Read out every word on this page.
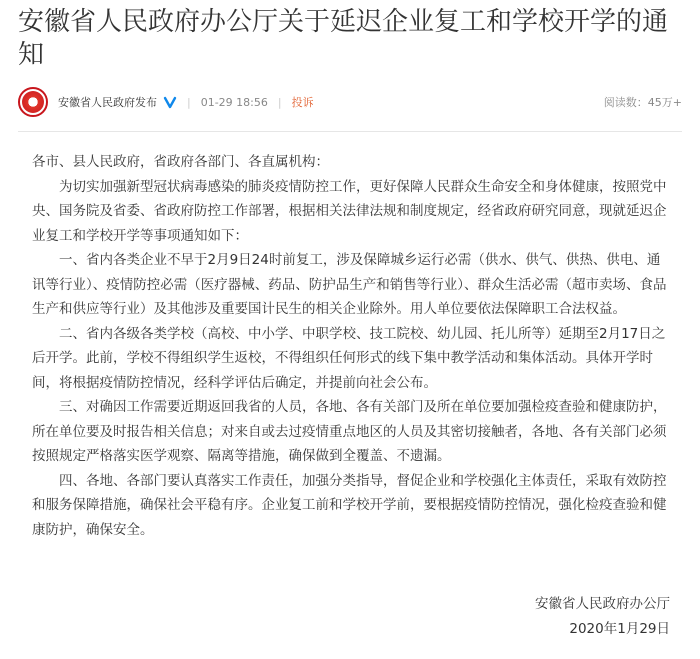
安徽省人民政府办公厅关于延迟企业复工和学校开学的通知
安徽省人民政府发布	| 01-29 18:56 | 投诉	阅读数：45万+

各市、县人民政府，省政府各部门、各直属机构：

为切实加强新型冠状病毒感染的肺炎疫情防控工作，更好保障人民群众生命安全和身体健康，按照党中央、国务院及省委、省政府防控工作部署，根据相关法律法规和制度规定，经省政府研究同意，现就延迟企业复工和学校开学等事项通知如下：

一、省内各类企业不早于2月9日24时前复工，涉及保障城乡运行必需（供水、供气、供热、供电、通讯等行业）、疫情防控必需（医疗器械、药品、防护品生产和销售等行业）、群众生活必需（超市卖场、食品生产和供应等行业）及其他涉及重要国计民生的相关企业除外。用人单位要依法保障职工合法权益。

二、省内各级各类学校（高校、中小学、中职学校、技工院校、幼儿园、托儿所等）延期至2月17日之后开学。此前，学校不得组织学生返校，不得组织任何形式的线下集中教学活动和集体活动。具体开学时间，将根据疫情防控情况，经科学评估后确定，并提前向社会公布。

三、对确因工作需要近期返回我省的人员，各地、各有关部门及所在单位要加强检疫查验和健康防护，所在单位要及时报告相关信息；对来自或去过疫情重点地区的人员及其密切接触者，各地、各有关部门必须按照规定严格落实医学观察、隔离等措施，确保做到全覆盖、不遗漏。

四、各地、各部门要认真落实工作责任，加强分类指导，督促企业和学校强化主体责任，采取有效防控和服务保障措施，确保社会平稳有序。企业复工前和学校开学前，要根据疫情防控情况，强化检疫查验和健康防护，确保安全。

安徽省人民政府办公厅
2020年1月29日
